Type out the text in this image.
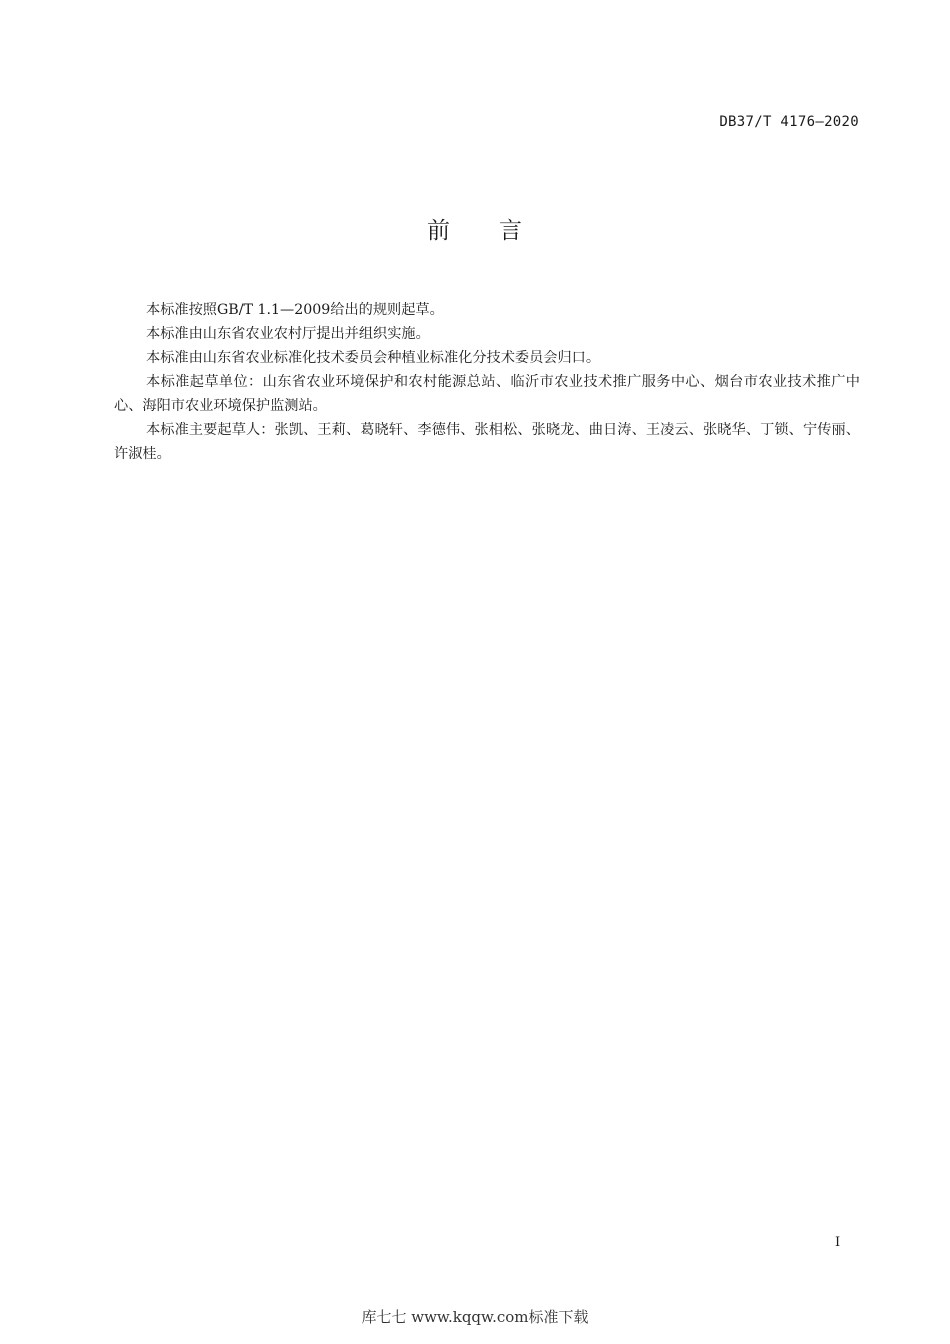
DB37/T 4176—2020
前 言

本标准按照GB/T 1.1—2009给出的规则起草。

本标准由山东省农业农村厅提出并组织实施。

本标准由山东省农业标准化技术委员会种植业标准化分技术委员会归口。

本标准起草单位：山东省农业环境保护和农村能源总站、临沂市农业技术推广服务中心、烟台市农业技术推广中心、海阳市农业环境保护监测站。

本标准主要起草人：张凯、王莉、葛晓轩、李德伟、张相松、张晓龙、曲日涛、王凌云、张晓华、丁锁、宁传丽、许淑桂。

I
库七七 www.kqqw.com标准下载
